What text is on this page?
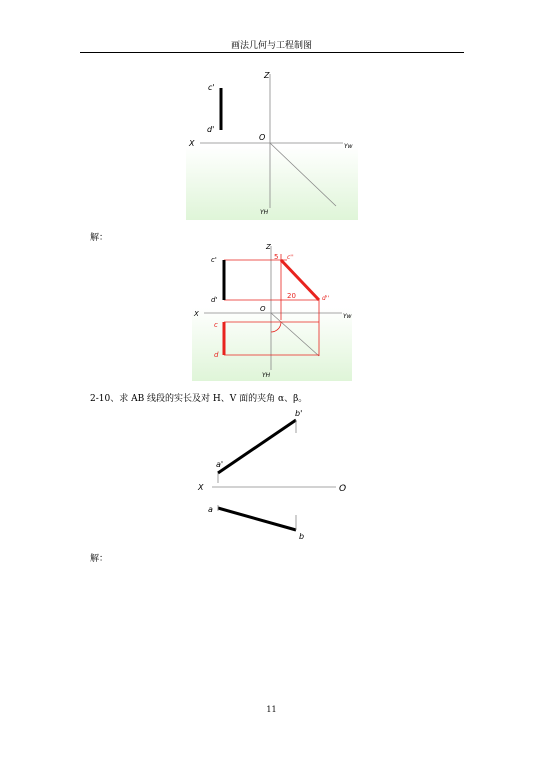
画法几何与工程制图
c'
d'
Z
X
O
Yw
YH
解：
c'
d'
c
d
Z
X
O
Yw
YH
c''
d''
5
20
2-10、求 AB 线段的实长及对 H、V 面的夹角 α、β。
b'
a'
X	O
a
b
解：
11
